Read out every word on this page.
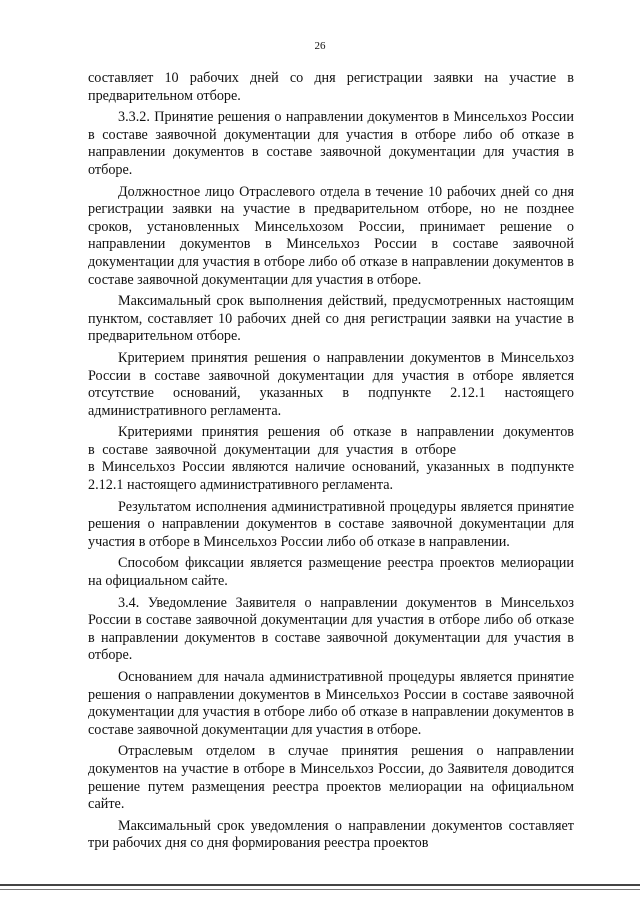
26

составляет 10 рабочих дней со дня регистрации заявки на участие в предварительном отборе.

3.3.2. Принятие решения о направлении документов в Минсельхоз России в составе заявочной документации для участия в отборе либо об отказе в направлении документов в составе заявочной документации для участия в отборе.

Должностное лицо Отраслевого отдела в течение 10 рабочих дней со дня регистрации заявки на участие в предварительном отборе, но не позднее сроков, установленных Минсельхозом России, принимает решение о направлении документов в Минсельхоз России в составе заявочной документации для участия в отборе либо об отказе в направлении документов в составе заявочной документации для участия в отборе.

Максимальный срок выполнения действий, предусмотренных настоящим пунктом, составляет 10 рабочих дней со дня регистрации заявки на участие в предварительном отборе.

Критерием принятия решения о направлении документов в Минсельхоз России в составе заявочной документации для участия в отборе является отсутствие оснований, указанных в подпункте 2.12.1 настоящего административного регламента.

Критериями принятия решения об отказе в направлении документов в составе заявочной документации для участия в отборе

в Минсельхоз России являются наличие оснований, указанных в подпункте 2.12.1 настоящего административного регламента.

Результатом исполнения административной процедуры является принятие решения о направлении документов в составе заявочной документации для участия в отборе в Минсельхоз России либо об отказе в направлении.

Способом фиксации является размещение реестра проектов мелиорации на официальном сайте.

3.4. Уведомление Заявителя о направлении документов в Минсельхоз России в составе заявочной документации для участия в отборе либо об отказе в направлении документов в составе заявочной документации для участия в отборе.

Основанием для начала административной процедуры является принятие решения о направлении документов в Минсельхоз России в составе заявочной документации для участия в отборе либо об отказе в направлении документов в составе заявочной документации для участия в отборе.

Отраслевым отделом в случае принятия решения о направлении документов на участие в отборе в Минсельхоз России, до Заявителя доводится решение путем размещения реестра проектов мелиорации на официальном сайте.

Максимальный срок уведомления о направлении документов составляет три рабочих дня со дня формирования реестра проектов
